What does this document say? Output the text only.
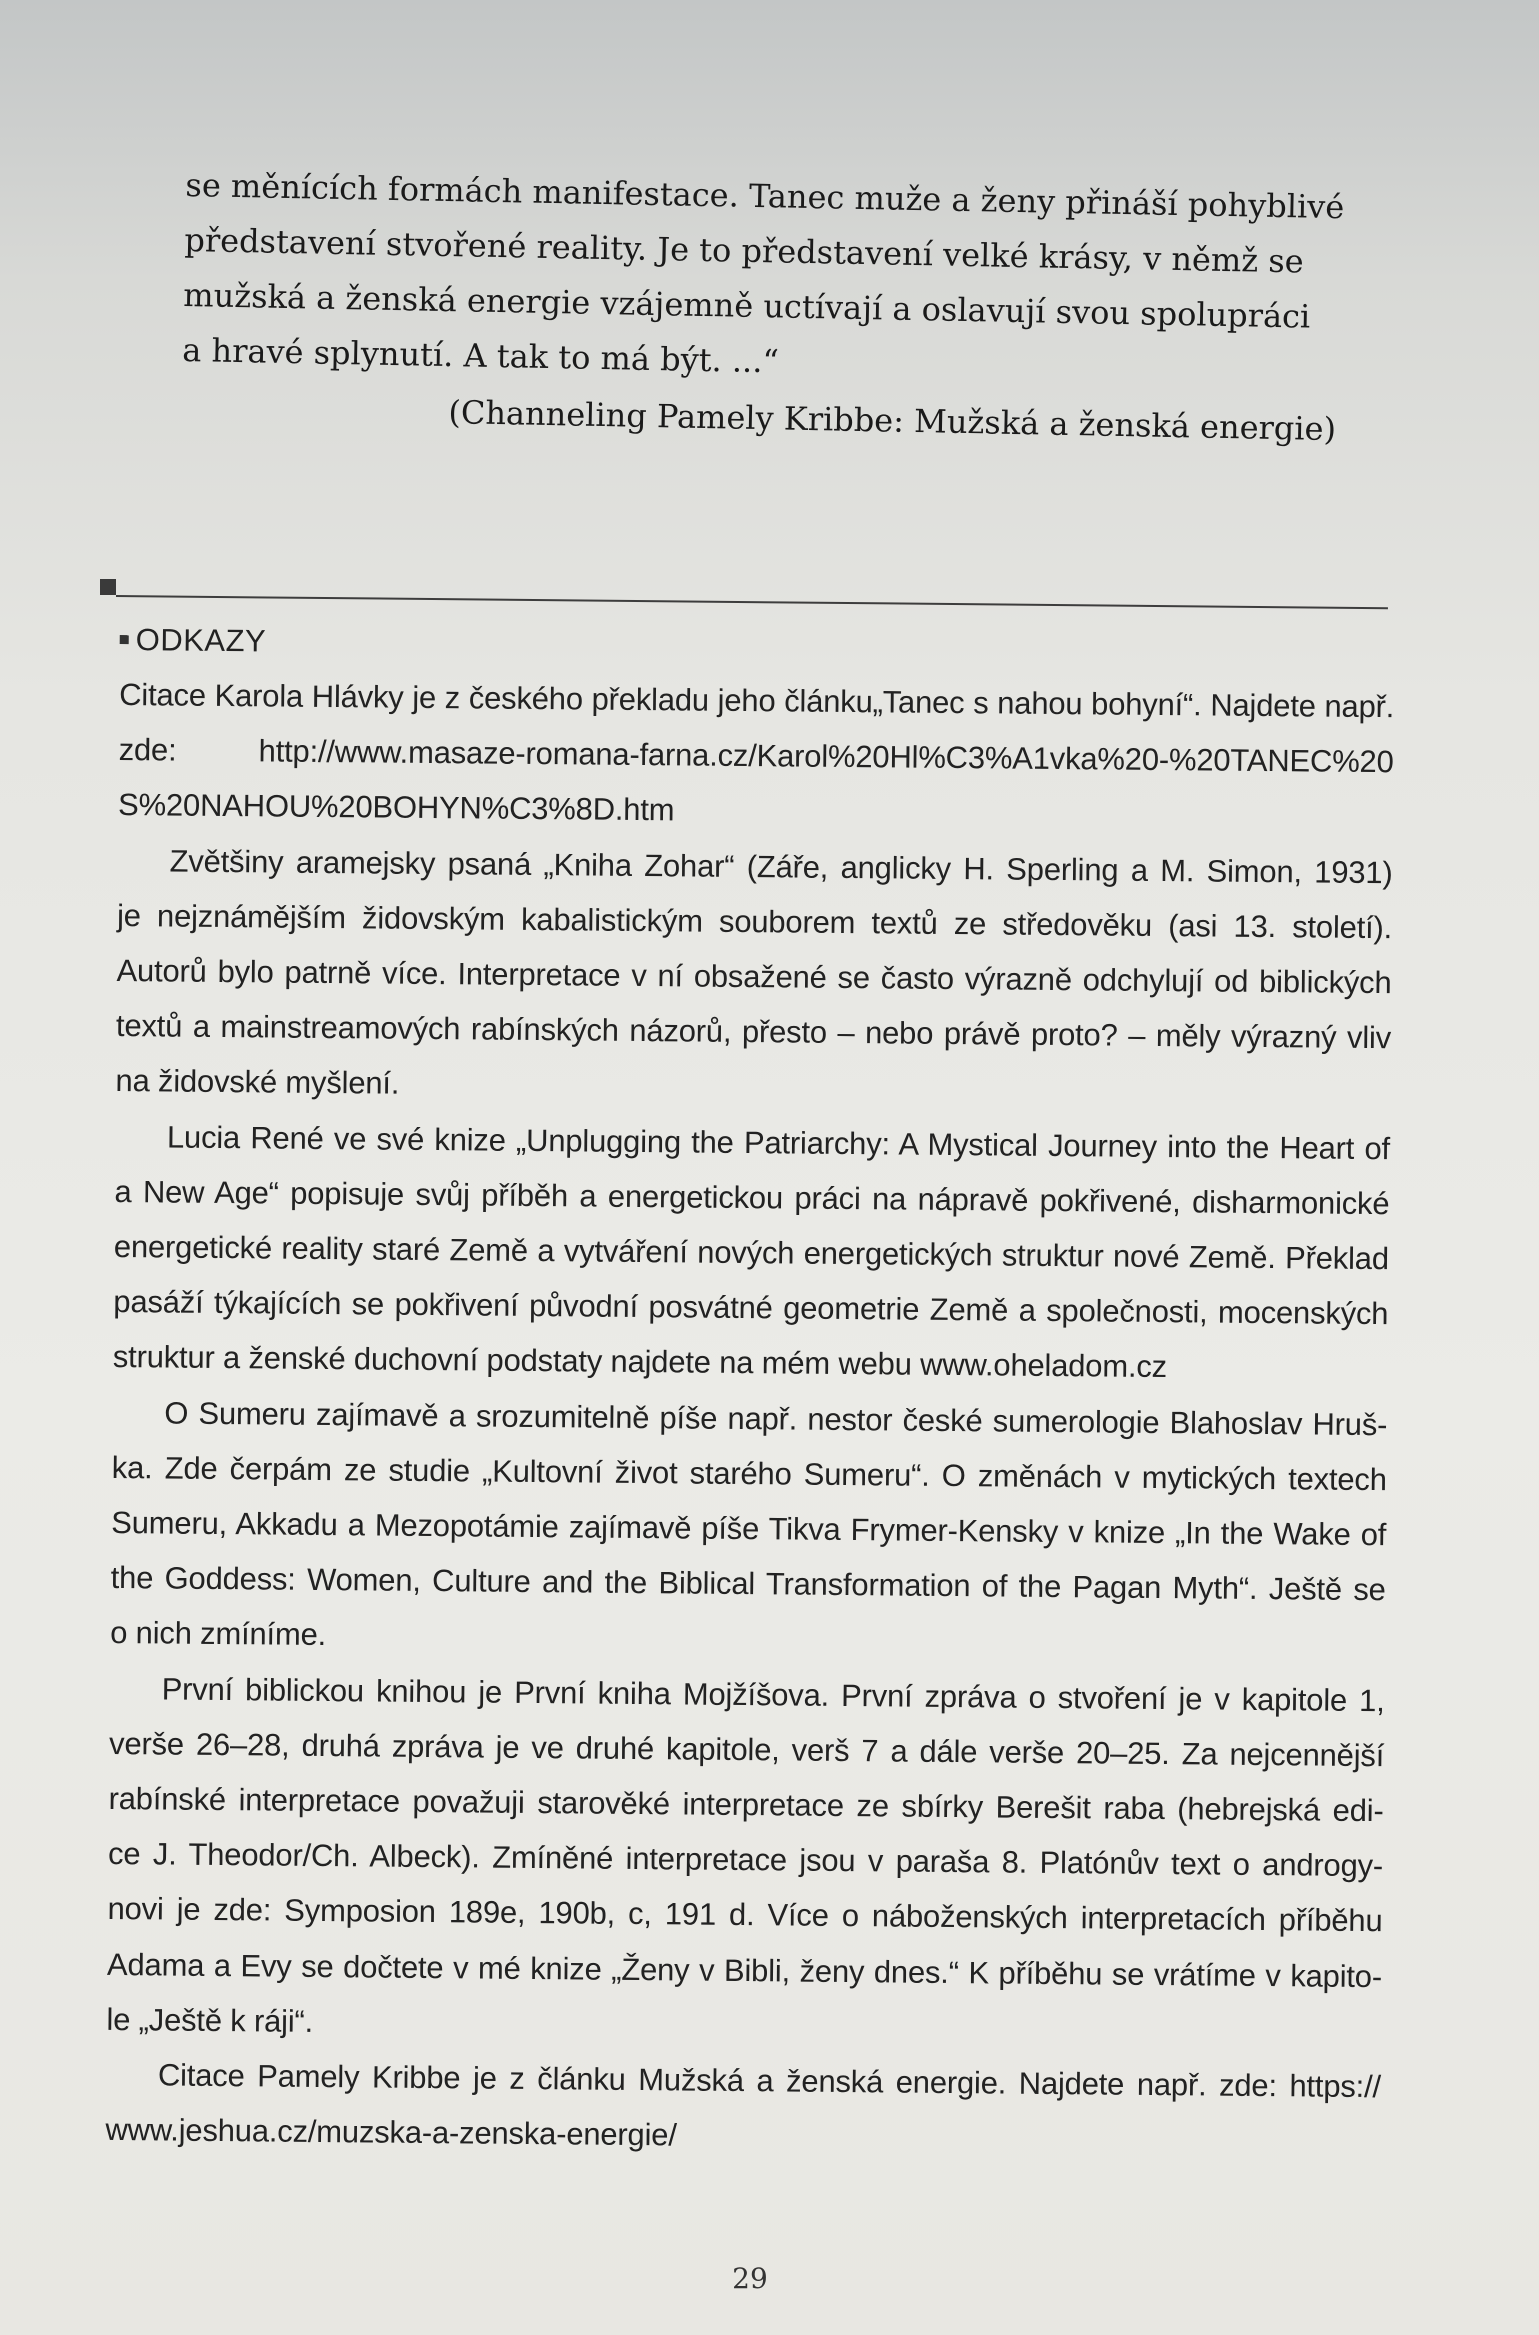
se měnících formách manifestace. Tanec muže a ženy přináší pohyblivé
představení stvořené reality. Je to představení velké krásy, v němž se
mužská a ženská energie vzájemně uctívají a oslavují svou spolupráci
a hravé splynutí. A tak to má být. ...“
(Channeling Pamely Kribbe: Mužská a ženská energie)
ODKAZY

Citace Karola Hlávky je z českého překladu jeho článku„Tanec s nahou bohyní“. Najdete např.
zde: http://www.masaze-romana-farna.cz/Karol%20Hl%C3%A1vka%20-%20TANEC%20
S%20NAHOU%20BOHYN%C3%8D.htm

Zvětšiny aramejsky psaná „Kniha Zohar“ (Záře, anglicky H. Sperling a M. Simon, 1931)
je nejznámějším židovským kabalistickým souborem textů ze středověku (asi 13. století).
Autorů bylo patrně více. Interpretace v ní obsažené se často výrazně odchylují od biblických
textů a mainstreamových rabínských názorů, přesto – nebo právě proto? – měly výrazný vliv
na židovské myšlení.

Lucia René ve své knize „Unplugging the Patriarchy: A Mystical Journey into the Heart of
a New Age“ popisuje svůj příběh a energetickou práci na nápravě pokřivené, disharmonické
energetické reality staré Země a vytváření nových energetických struktur nové Země. Překlad
pasáží týkajících se pokřivení původní posvátné geometrie Země a společnosti, mocenských
struktur a ženské duchovní podstaty najdete na mém webu www.oheladom.cz

O Sumeru zajímavě a srozumitelně píše např. nestor české sumerologie Blahoslav Hruš-
ka. Zde čerpám ze studie „Kultovní život starého Sumeru“. O změnách v mytických textech
Sumeru, Akkadu a Mezopotámie zajímavě píše Tikva Frymer-Kensky v knize „In the Wake of
the Goddess: Women, Culture and the Biblical Transformation of the Pagan Myth“. Ještě se
o nich zmíníme.

První biblickou knihou je První kniha Mojžíšova. První zpráva o stvoření je v kapitole 1,
verše 26–28, druhá zpráva je ve druhé kapitole, verš 7 a dále verše 20–25. Za nejcennější
rabínské interpretace považuji starověké interpretace ze sbírky Berešit raba (hebrejská edi-
ce J. Theodor/Ch. Albeck). Zmíněné interpretace jsou v paraša 8. Platónův text o androgy-
novi je zde: Symposion 189e, 190b, c, 191 d. Více o náboženských interpretacích příběhu
Adama a Evy se dočtete v mé knize „Ženy v Bibli, ženy dnes.“ K příběhu se vrátíme v kapito-
le „Ještě k ráji“.

Citace Pamely Kribbe je z článku Mužská a ženská energie. Najdete např. zde: https://
www.jeshua.cz/muzska-a-zenska-energie/

29
